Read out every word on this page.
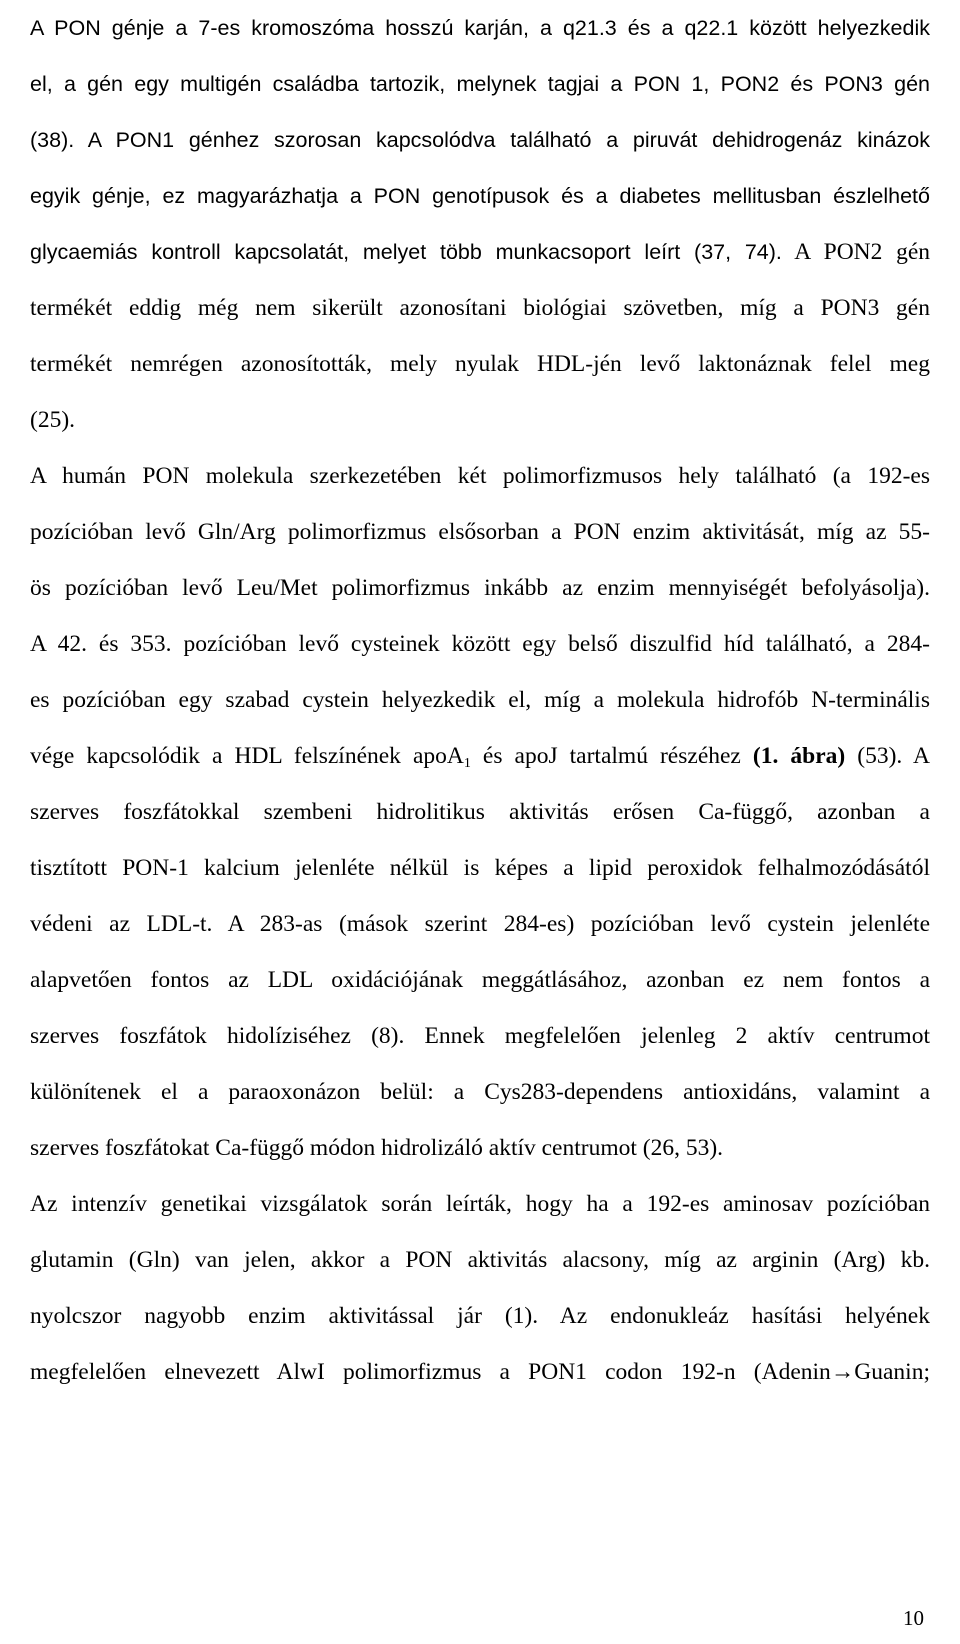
A PON génje a 7-es kromoszóma hosszú karján, a q21.3 és a q22.1 között helyezkedik
el, a gén egy multigén családba tartozik, melynek tagjai a PON 1, PON2 és PON3 gén
(38). A PON1 génhez szorosan kapcsolódva található a piruvát dehidrogenáz kinázok
egyik génje, ez magyarázhatja a PON genotípusok és a diabetes mellitusban észlelhető
glycaemiás kontroll kapcsolatát, melyet több munkacsoport leírt (37, 74). A PON2 gén
termékét eddig még nem sikerült azonosítani biológiai szövetben, míg a PON3 gén
termékét nemrégen azonosították, mely nyulak HDL-jén levő laktonáznak felel meg
(25).
A humán PON molekula szerkezetében két polimorfizmusos hely található (a 192-es
pozícióban levő Gln/Arg polimorfizmus elsősorban a PON enzim aktivitását, míg az 55-
ös pozícióban levő Leu/Met polimorfizmus inkább az enzim mennyiségét befolyásolja).
A 42. és 353. pozícióban levő cysteinek között egy belső diszulfid híd található, a 284-
es pozícióban egy szabad cystein helyezkedik el, míg a molekula hidrofób N-terminális
vége kapcsolódik a HDL felszínének apoA$_1$ és apoJ tartalmú részéhez (1. ábra) (53). A
szerves foszfátokkal szembeni hidrolitikus aktivitás erősen Ca-függő, azonban a
tisztított PON-1 kalcium jelenléte nélkül is képes a lipid peroxidok felhalmozódásától
védeni az LDL-t. A 283-as (mások szerint 284-es) pozícióban levő cystein jelenléte
alapvetően fontos az LDL oxidációjának meggátlásához, azonban ez nem fontos a
szerves foszfátok hidolíziséhez (8). Ennek megfelelően jelenleg 2 aktív centrumot
különítenek el a paraoxonázon belül: a Cys283-dependens antioxidáns, valamint a
szerves foszfátokat Ca-függő módon hidrolizáló aktív centrumot (26, 53).
Az intenzív genetikai vizsgálatok során leírták, hogy ha a 192-es aminosav pozícióban
glutamin (Gln) van jelen, akkor a PON aktivitás alacsony, míg az arginin (Arg) kb.
nyolcszor nagyobb enzim aktivitással jár (1). Az endonukleáz hasítási helyének
megfelelően elnevezett AlwI polimorfizmus a PON1 codon 192-n (Adenin→Guanin;
10
